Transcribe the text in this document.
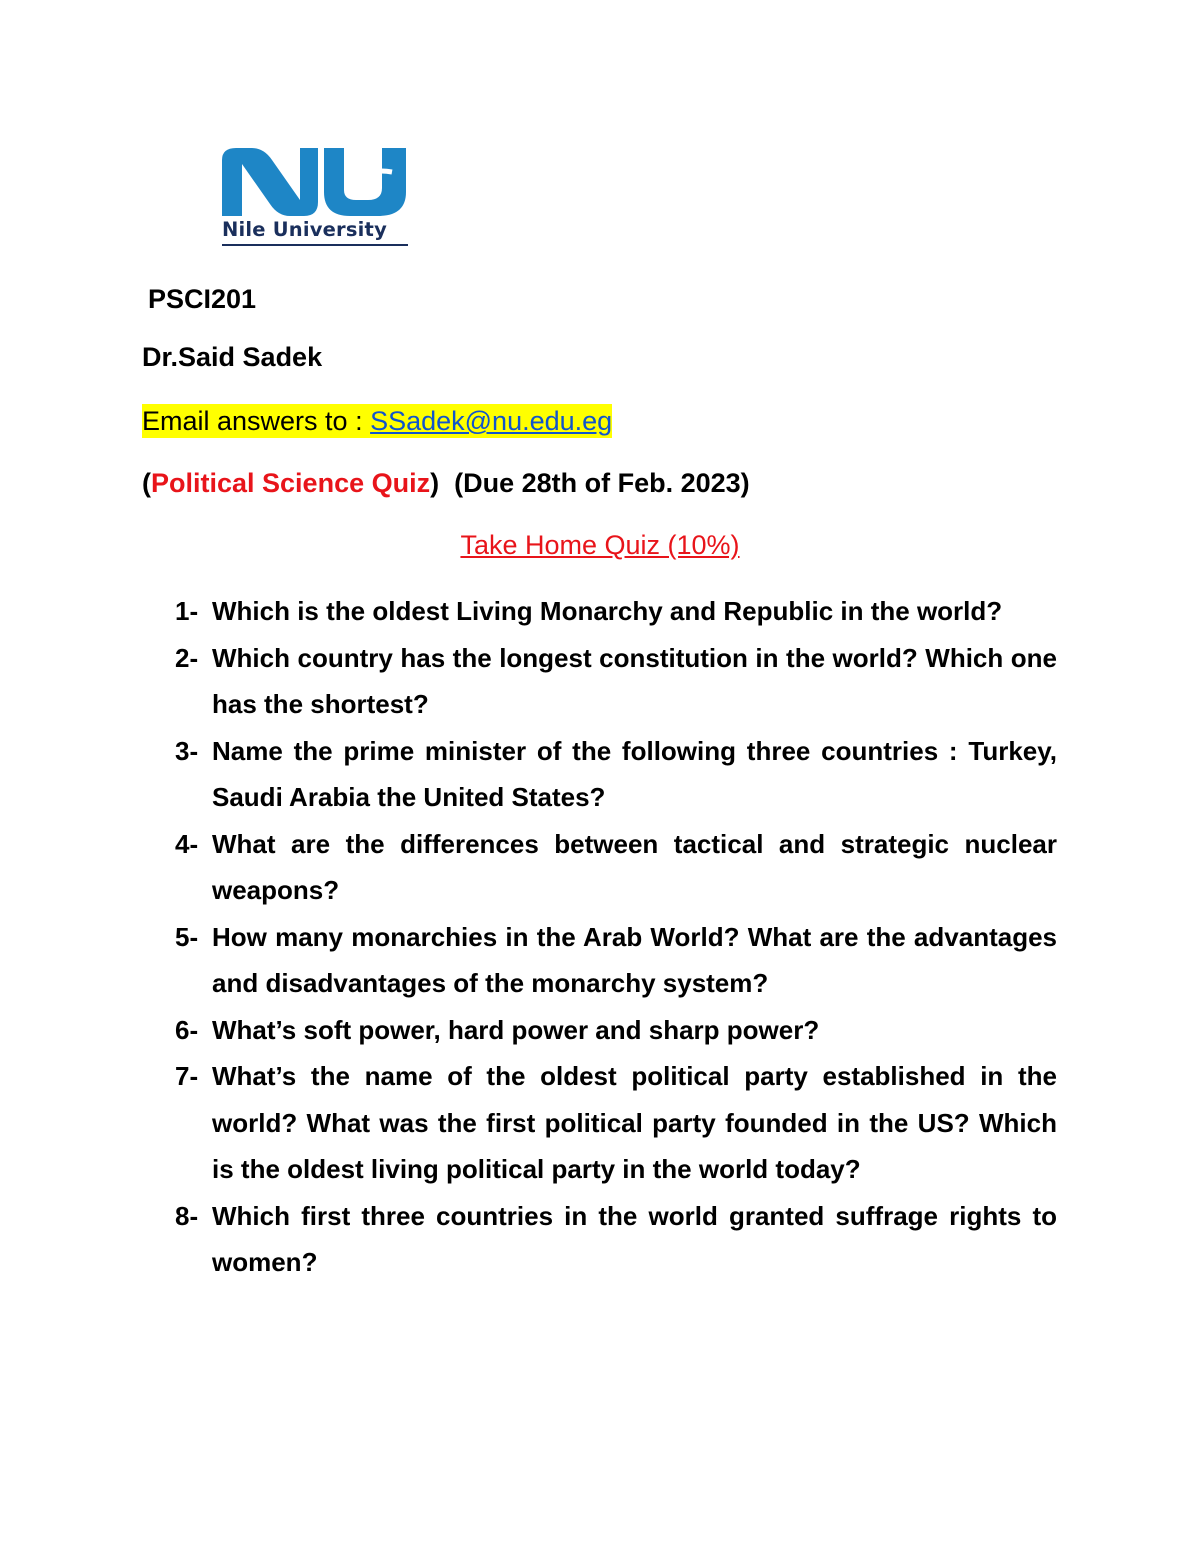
Nile University
PSCI201
Dr.Said Sadek
Email answers to : SSadek@nu.edu.eg
(Political Science Quiz)  (Due 28th of Feb. 2023)
Take Home Quiz (10%)
1- Which is the oldest Living Monarchy and Republic in the world?
2- Which country has the longest constitution in the world? Which one has the shortest?
3- Name the prime minister of the following three countries : Turkey, Saudi Arabia the United States?
4- What are the differences between tactical and strategic nuclear weapons?
5- How many monarchies in the Arab World? What are the advantages and disadvantages of the monarchy system?
6- What’s soft power, hard power and sharp power?
7- What’s the name of the oldest political party established in the world? What was the first political party founded in the US? Which is the oldest living political party in the world today?
8- Which first three countries in the world granted suffrage rights to women?
